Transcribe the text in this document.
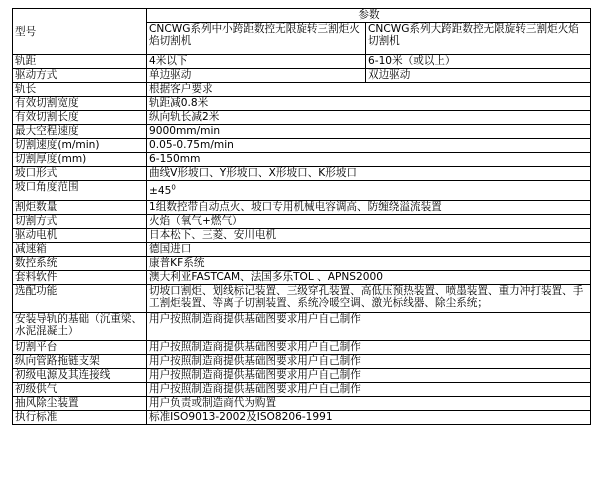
型号	参数	
	CNCWG系列中小跨距数控无限旋转三割炬火焰切割机	CNCWG系列大跨距数控无限旋转三割炬火焰切割机
轨距	4米以下	6-10米（或以上）
驱动方式	单边驱动	双边驱动
轨长	根据客户要求	
有效切割宽度	轨距减0.8米	
有效切割长度	纵向轨长减2米	
最大空程速度	9000mm/min	
切割速度(m/min)	0.05-0.75m/min	
切割厚度(mm)	6-150mm	
坡口形式	曲线V形坡口、Y形坡口、X形坡口、K形坡口	
坡口角度范围	$\pm 45^0$
割炬数量	1组数控带自动点火、坡口专用机械电容调高、防缠绕溢流装置	
切割方式	火焰（氧气+燃气）	
驱动电机	日本松下、三菱、安川电机	
减速箱	德国进口	
数控系统	康普KF系统	
套料软件	澳大利亚FASTCAM、法国多乐TOL 、APNS2000	
选配功能	切坡口割炬、划线标记装置、三级穿孔装置、高低压预热装置、喷墨装置、重力冲打装置、手工割炬装置、等离子切割装置、系统冷暖空调、激光标线器、除尘系统；	
安装导轨的基础（沉重梁、水泥混凝土）	用户按照制造商提供基础图要求用户自己制作	
切割平台	用户按照制造商提供基础图要求用户自己制作	
纵向管路拖链支架	用户按照制造商提供基础图要求用户自己制作	
初级电源及其连接线	用户按照制造商提供基础图要求用户自己制作	
初级供气	用户按照制造商提供基础图要求用户自己制作	
抽风除尘装置	用户负责或制造商代为购置	
执行标准	标准ISO9013-2002及ISO8206-1991	
